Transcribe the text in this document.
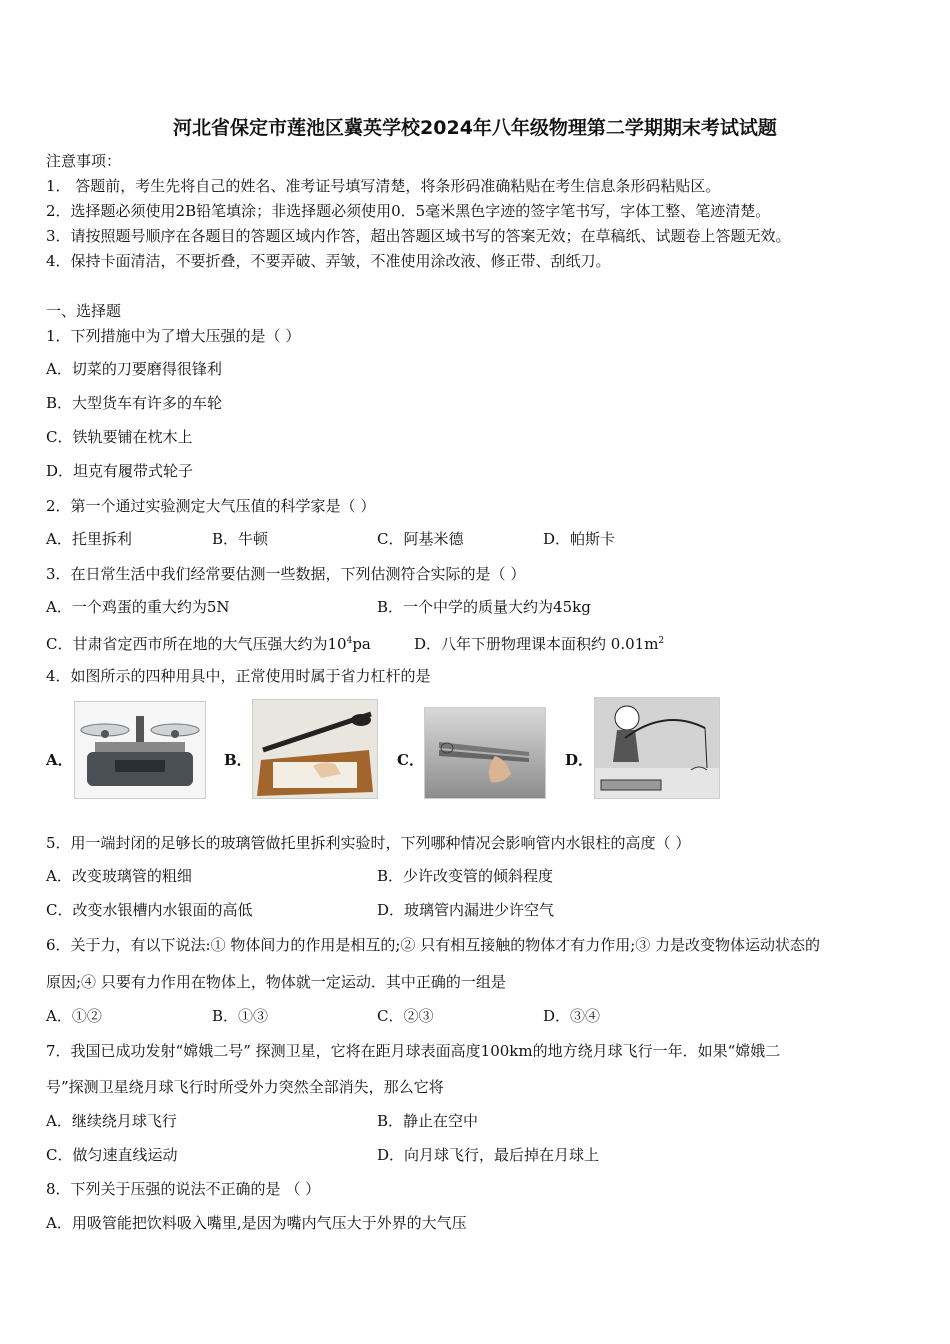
河北省保定市莲池区冀英学校2024年八年级物理第二学期期末考试试题
注意事项：
1． 答题前，考生先将自己的姓名、准考证号填写清楚，将条形码准确粘贴在考生信息条形码粘贴区。
2．选择题必须使用2B铅笔填涂；非选择题必须使用0．5毫米黑色字迹的签字笔书写，字体工整、笔迹清楚。
3．请按照题号顺序在各题目的答题区域内作答，超出答题区域书写的答案无效；在草稿纸、试题卷上答题无效。
4．保持卡面清洁，不要折叠，不要弄破、弄皱，不准使用涂改液、修正带、刮纸刀。
一、选择题
1．下列措施中为了增大压强的是（ ）
A．切菜的刀要磨得很锋利
B．大型货车有许多的车轮
C．铁轨要铺在枕木上
D．坦克有履带式轮子
2．第一个通过实验测定大气压值的科学家是（ ）
A．托里拆利	B．牛顿	C．阿基米德	D．帕斯卡
3．在日常生活中我们经常要估测一些数据，下列估测符合实际的是（ ）
A．一个鸡蛋的重大约为5N	B．一个中学的质量大约为45kg
C．甘肃省定西市所在地的大气压强大约为$10^4pa$	D．八年下册物理课本面积约 $0.01m^2$
4．如图所示的四种用具中，正常使用时属于省力杠杆的是
A．	B．	C．	D．
5．用一端封闭的足够长的玻璃管做托里拆利实验时，下列哪种情况会影响管内水银柱的高度（ ）
A．改变玻璃管的粗细	B．少许改变管的倾斜程度
C．改变水银槽内水银面的高低	D．玻璃管内漏进少许空气
6．关于力，有以下说法:① 物体间力的作用是相互的;② 只有相互接触的物体才有力作用;③ 力是改变物体运动状态的
原因;④ 只要有力作用在物体上，物体就一定运动．其中正确的一组是
A．①②	B．①③	C．②③	D．③④
7．我国已成功发射“嫦娥二号” 探测卫星，它将在距月球表面高度100km的地方绕月球飞行一年．如果“嫦娥二
号”探测卫星绕月球飞行时所受外力突然全部消失，那么它将
A．继续绕月球飞行	B．静止在空中
C．做匀速直线运动	D．向月球飞行，最后掉在月球上
8．下列关于压强的说法不正确的是 （ ）
A．用吸管能把饮料吸入嘴里,是因为嘴内气压大于外界的大气压
